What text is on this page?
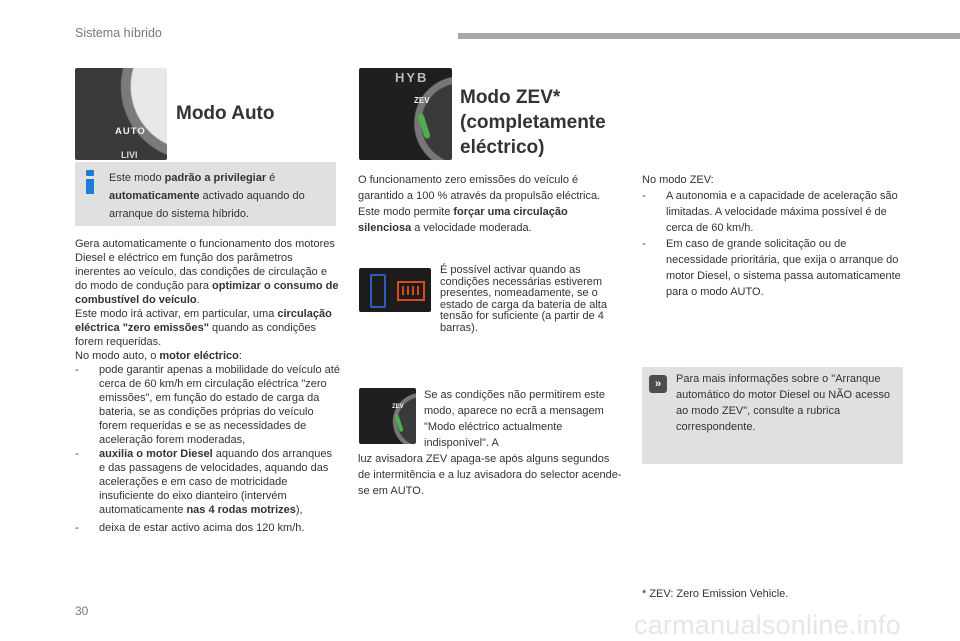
Sistema híbrido
AUTO
LIVI
Modo Auto
Este modo padrão a privilegiar é automaticamente activado aquando do arranque do sistema híbrido.

Gera automaticamente o funcionamento dos motores Diesel e eléctrico em função dos parâmetros inerentes ao veículo, das condições de circulação e do modo de condução para optimizar o consumo de combustível do veículo.

Este modo irá activar, em particular, uma circulação eléctrica "zero emissões" quando as condições forem requeridas.

No modo auto, o motor eléctrico:

-	pode garantir apenas a mobilidade do veículo até cerca de 60 km/h em circulação eléctrica "zero emissões", em função do estado de carga da bateria, se as condições próprias do veículo forem requeridas e se as necessidades de aceleração forem moderadas,
-	auxilia o motor Diesel aquando dos arranques e das passagens de velocidades, aquando das acelerações e em caso de motricidade insuficiente do eixo dianteiro (intervém automaticamente nas 4 rodas motrizes),
-	deixa de estar activo acima dos 120 km/h.
HYB
ZEV Modo ZEV* (completamente eléctrico)

O funcionamento zero emissões do veículo é garantido a 100 % através da propulsão eléctrica.

Este modo permite forçar uma circulação silenciosa a velocidade moderada.

É possível activar quando as condições necessárias estiverem presentes, nomeadamente, se o estado de carga da bateria de alta tensão for suficiente (a partir de 4 barras).
ZEV
Se as condições não permitirem este modo, aparece no ecrã a mensagem "Modo eléctrico actualmente indisponível". A
luz avisadora ZEV apaga-se após alguns segundos de intermitência e a luz avisadora do selector acende-se em AUTO.

No modo ZEV:

-	A autonomia e a capacidade de aceleração são limitadas. A velocidade máxima possível é de cerca de 60 km/h.
-	Em caso de grande solicitação ou de necessidade prioritária, que exija o arranque do motor Diesel, o sistema passa automaticamente para o modo AUTO.
»	Para mais informações sobre o "Arranque automático do motor Diesel ou NÃO acesso ao modo ZEV", consulte a rubrica correspondente.
* ZEV: Zero Emission Vehicle.
30	carmanualsonline.info
